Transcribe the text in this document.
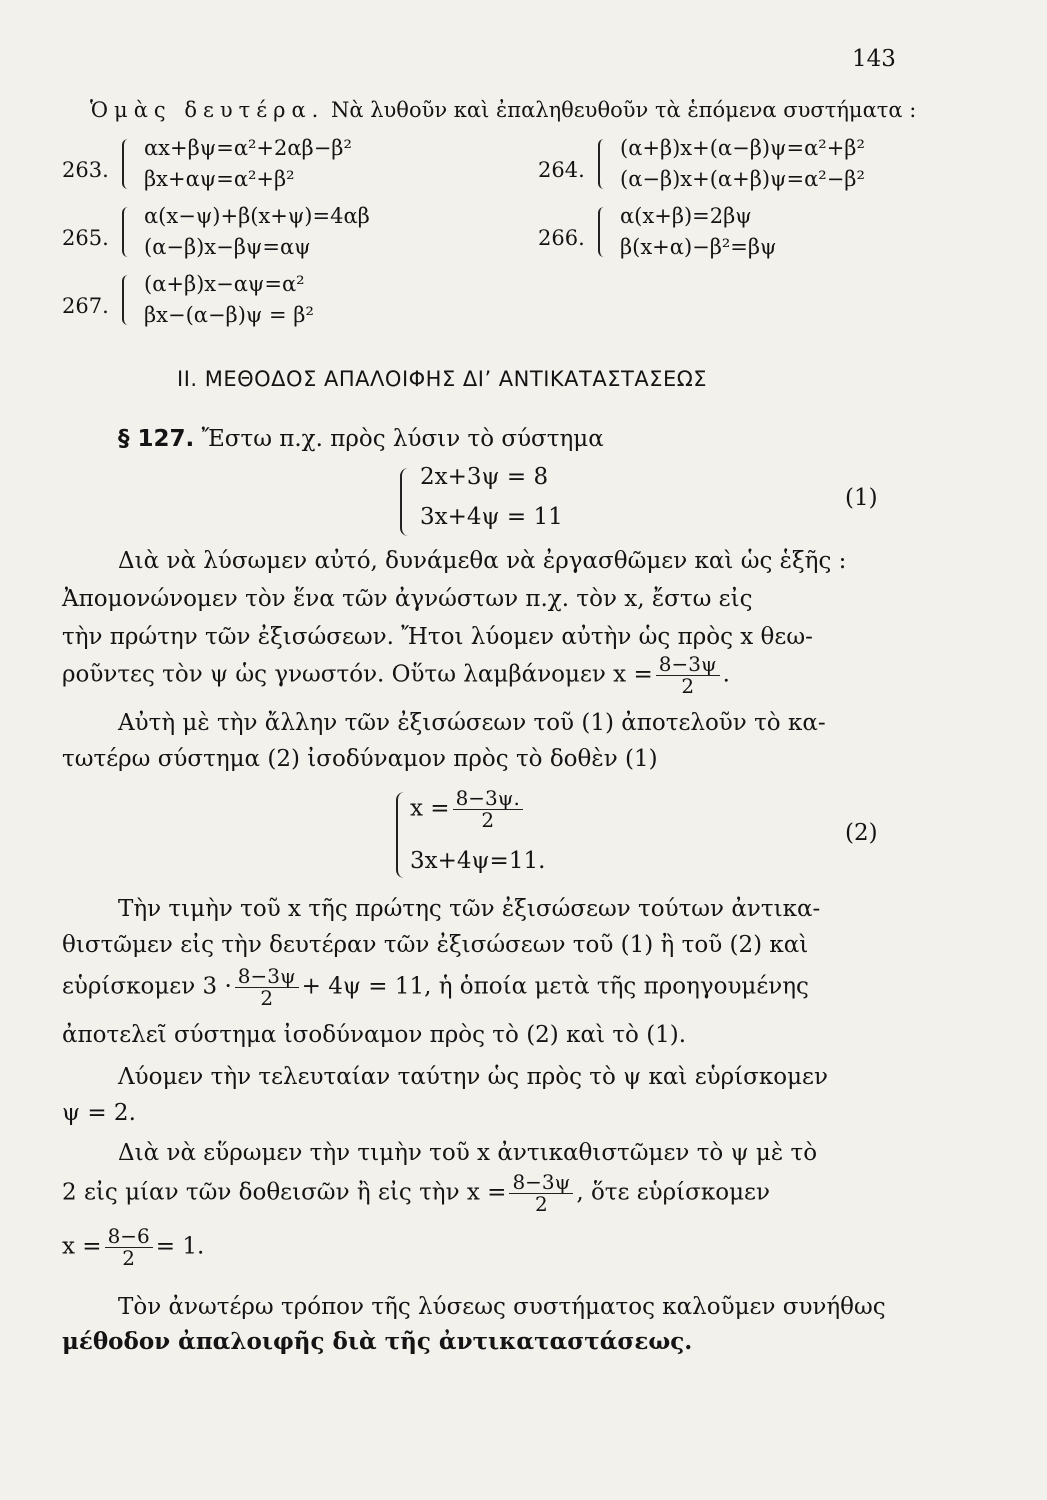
143
Ὁμὰς δευτέρα. Νὰ λυθοῦν καὶ ἐπαληθευθοῦν τὰ ἑπόμενα συστήματα :
263.
αx+βψ=α²+2αβ−β²
βx+αψ=α²+β²	264.
(α+β)x+(α−β)ψ=α²+β²
(α−β)x+(α+β)ψ=α²−β²
265.
α(x−ψ)+β(x+ψ)=4αβ
(α−β)x−βψ=αψ	266.
α(x+β)=2βψ
β(x+α)−β²=βψ
267.
(α+β)x−αψ=α²
βx−(α−β)ψ = β²
II. ΜΕΘΟΔΟΣ ΑΠΑΛΟΙΦΗΣ ΔΙ’ ΑΝΤΙΚΑΤΑΣΤΑΣΕΩΣ
§ 127. Ἔστω π.χ. πρὸς λύσιν τὸ σύστημα
2x+3ψ = 8
3x+4ψ = 11
(1)
Διὰ νὰ λύσωμεν αὐτό, δυνάμεθα νὰ ἐργασθῶμεν καὶ ὡς ἑξῆς :
Ἀπομονώνομεν τὸν ἕνα τῶν ἀγνώστων π.χ. τὸν x, ἔστω εἰς
τὴν πρώτην τῶν ἐξισώσεων. Ἤτοι λύομεν αὐτὴν ὡς πρὸς x θεω-
ροῦντες τὸν ψ ὡς γνωστόν. Οὕτω λαμβάνομεν $x = \frac{8-3\psi}{2}$ .
Αὐτὴ μὲ τὴν ἄλλην τῶν ἐξισώσεων τοῦ (1) ἀποτελοῦν τὸ κα-
τωτέρω σύστημα (2) ἰσοδύναμον πρὸς τὸ δοθὲν (1)
$x = \frac{8-3\psi.}{2}$
3x+4ψ=11.
(2)
Τὴν τιμὴν τοῦ x τῆς πρώτης τῶν ἐξισώσεων τούτων ἀντικα-
θιστῶμεν εἰς τὴν δευτέραν τῶν ἐξισώσεων τοῦ (1) ἢ τοῦ (2) καὶ
εὑρίσκομεν $3 \cdot \frac{8-3\psi}{2} + 4\psi = 11$, ἡ ὁποία μετὰ τῆς προηγουμένης
ἀποτελεῖ σύστημα ἰσοδύναμον πρὸς τὸ (2) καὶ τὸ (1).
Λύομεν τὴν τελευταίαν ταύτην ὡς πρὸς τὸ ψ καὶ εὑρίσκομεν
ψ = 2.
Διὰ νὰ εὕρωμεν τὴν τιμὴν τοῦ x ἀντικαθιστῶμεν τὸ ψ μὲ τὸ
2 εἰς μίαν τῶν δοθεισῶν ἢ εἰς τὴν $x = \frac{8-3\psi}{2}$ , ὅτε εὑρίσκομεν
$x = \frac{8-6}{2} = 1$.
Τὸν ἀνωτέρω τρόπον τῆς λύσεως συστήματος καλοῦμεν συνήθως
μέθοδον ἀπαλοιφῆς διὰ τῆς ἀντικαταστάσεως.
